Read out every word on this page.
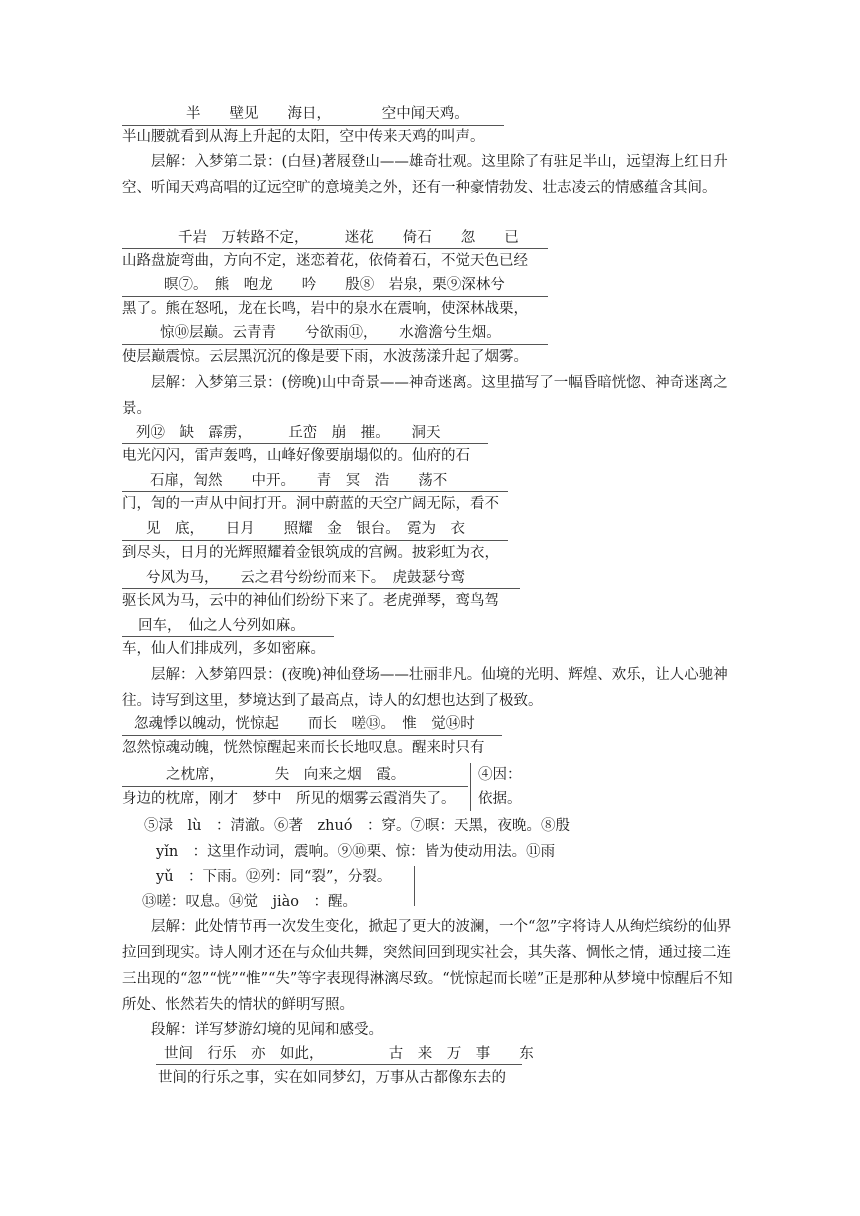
半　　壁见　　海日，　　　　空中闻天鸡。
半山腰就看到从海上升起的太阳，空中传来天鸡的叫声。
层解：入梦第二景：(白昼)著屐登山——雄奇壮观。这里除了有驻足半山，远望海上红日升空、听闻天鸡高唱的辽远空旷的意境美之外，还有一种豪情勃发、壮志凌云的情感蕴含其间。
千岩　万转路不定，　　　迷花　　倚石　　忽　　已
山路盘旋弯曲，方向不定，迷恋着花，依倚着石，不觉天色已经
暝⑦。　熊　咆龙　　吟　　殷⑧　岩泉，栗⑨深林兮
黑了。熊在怒吼，龙在长鸣，岩中的泉水在震响，使深林战栗，
惊⑩层巅。云青青　　兮欲雨⑪，　　水澹澹兮生烟。
使层巅震惊。云层黑沉沉的像是要下雨，水波荡漾升起了烟雾。
层解：入梦第三景：(傍晚)山中奇景——神奇迷离。这里描写了一幅昏暗恍惚、神奇迷离之景。
列⑫　缺　霹雳，　　　丘峦　崩　摧。　　洞天
电光闪闪，雷声轰鸣，山峰好像要崩塌似的。仙府的石
石扉，訇然　　中开。　　青　冥　浩　　荡不
门，訇的一声从中间打开。洞中蔚蓝的天空广阔无际，看不
见　底，　　日月　　照耀　金　银台。　霓为　衣
到尽头，日月的光辉照耀着金银筑成的宫阙。披彩虹为衣，
兮风为马，　　云之君兮纷纷而来下。　虎鼓瑟兮鸾
驱长风为马，云中的神仙们纷纷下来了。老虎弹琴，鸾鸟驾
回车，　仙之人兮列如麻。
车，仙人们排成列，多如密麻。
层解：入梦第四景：(夜晚)神仙登场——壮丽非凡。仙境的光明、辉煌、欢乐，让人心驰神往。诗写到这里，梦境达到了最高点，诗人的幻想也达到了极致。
忽魂悸以魄动，恍惊起　　而长　嗟⑬。　惟　觉⑭时
忽然惊魂动魄，恍然惊醒起来而长长地叹息。醒来时只有
之枕席，　　　　失　向来之烟　霞。
身边的枕席，刚才　梦中　所见的烟雾云霞消失了。
④因：
依据。
⑤渌　lù　：清澈。⑥著　zhuó　：穿。⑦暝：天黑，夜晚。⑧殷
yǐn　：这里作动词，震响。⑨⑩栗、惊：皆为使动用法。⑪雨
yǔ　：下雨。⑫列：同“裂”，分裂。
⑬嗟：叹息。⑭觉　jiào　：醒。
层解：此处情节再一次发生变化，掀起了更大的波澜，一个“忽”字将诗人从绚烂缤纷的仙界拉回到现实。诗人刚才还在与众仙共舞，突然间回到现实社会，其失落、惆怅之情，通过接二连三出现的“忽”“恍”“惟”“失”等字表现得淋漓尽致。“恍惊起而长嗟”正是那种从梦境中惊醒后不知所处、怅然若失的情状的鲜明写照。
段解：详写梦游幻境的见闻和感受。
世间　行乐　亦　如此，　　　　　古　来　万　事　　东
世间的行乐之事，实在如同梦幻，万事从古都像东去的
